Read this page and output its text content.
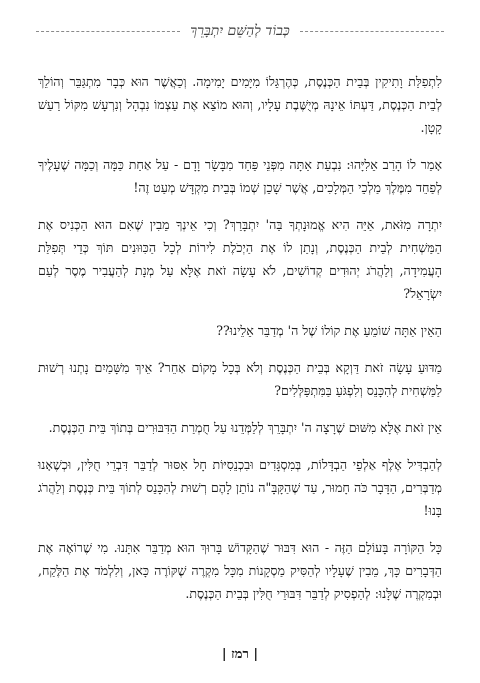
כְּבוֹד לְהַשֵּׁם יִתְבָּרֵךְ

לִתְפִלַּת וָתִיקִין בְּבֵית הַכְּנֶסֶת, כְּהֶרְגֵּלוֹ מִיָּמִים יָמִימָה. וְכַאֲשֶׁר הוּא כְּבָר מִתְגַּבֵּר וְהוֹלֵךְ לְבֵית הַכְּנֶסֶת, דַּעְתּוֹ אֵינָהּ מְיֻשֶּׁבֶת עָלָיו, וְהוּא מוֹצֵא אֶת עַצְמוֹ נִבְהָל וְנִרְעָשׁ מִקּוֹל רַעַשׁ קָטָן.

אָמַר לוֹ הָרַב אֵלִיָּהוּ: נִבְעַת אַתָּה מִפְּנֵי פַּחַד מִבָּשָׂר וָדָם - עַל אַחַת כַּמָּה וְכַמָּה שֶׁעָלֶיךָ לְפַחֵד מִמֶּלֶךְ מַלְכֵי הַמְּלָכִים, אֲשֶׁר שָׁכֵן שְׁמוֹ בְּבֵית מִקְדָּשׁ מְעַט זֶה!

יִתְרָה מִזֹּאת, אַיֵּה הִיא אֱמוּנָתְךָ בַּה' יִתְבָּרַךְ? וְכִי אֵינְךָ מֵבִין שֶׁאִם הוּא הַכְּנִיס אֶת הַמַּשְׁחִית לְבֵית הַכְּנֶסֶת, וְנָתַן לוֹ אֶת הַיְכֹלֶת לִירוֹת לְכָל הַכִּוּוּנִים תּוֹךְ כְּדֵי תְּפִלַּת הָעֲמִידָה, וְלַהֲרֹג יְהוּדִים קְדוֹשִׁים, לֹא עָשָׂה זֹאת אֶלָּא עַל מְנָת לְהַעֲבִיר מֶסֶר לְעַם יִשְׂרָאֵל?

הַאֵין אַתָּה שׁוֹמֵעַ אֶת קוֹלוֹ שֶׁל ה' מְדַבֵּר אֵלֵינוּ??

מַדּוּעַ עָשָׂה זֹאת דַּוְקָא בְּבֵית הַכְּנֶסֶת וְלֹא בְּכָל מָקוֹם אַחֵר? אֵיךְ מִשָּׁמַיִם נָתְנוּ רְשׁוּת לַמַּשְׁחִית לְהִכָּנֵס וְלִפְגֹּעַ בַּמִּתְפַּלְּלִים?

אֵין זֹאת אֶלָּא מִשּׁוּם שֶׁרָצָה ה' יִתְבָּרֵךְ לְלַמְּדֵנוּ עַל חֻמְרַת הַדִּבּוּרִים בְּתוֹךְ בֵּית הַכְּנֶסֶת.

לְהַבְדִּיל אֶלֶף אַלְפֵי הַבְדָּלוֹת, בְּמִסְגָּדִים וּבִכְנֵסִיּוֹת חָל אִסּוּר לְדַבֵּר דִּבְרֵי חֻלִּין, וּכְשֶׁאָנוּ מְדַבְּרִים, הַדָּבָר כֹּה חָמוּר, עַד שֶׁהַקָּבָּ"ה נוֹתֵן לָהֶם רְשׁוּת לְהִכָּנֵס לְתוֹךְ בֵּית כְּנֶסֶת וְלַהֲרֹג בָּנוּ!

כָּל הַקּוֹרָה בָּעוֹלָם הַזֶּה - הוּא דִּבּוּר שֶׁהַקָּדוֹשׁ בָּרוּךְ הוּא מְדַבֵּר אִתָּנוּ. מִי שֶׁרוֹאֶה אֶת הַדְּבָרִים כָּךְ, מֵבִין שֶׁעָלָיו לְהַסִּיק מַסְקָנוֹת מִכָּל מִקְרֶה שֶׁקּוֹרֶה כָּאן, וְלִלְמֹד אֶת הַלֶּקַח, וּבְמִקְרֶה שֶׁלָּנוּ: לְהַפְסִיק לְדַבֵּר דִּבּוּרֵי חֻלִּין בְּבֵית הַכְּנֶסֶת.

| רמז |
